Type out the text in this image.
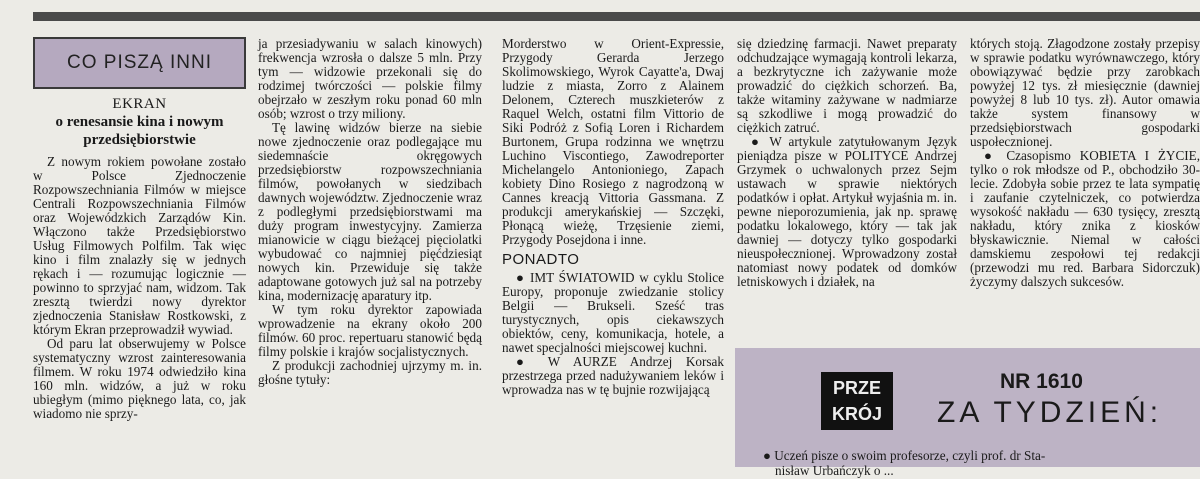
CO PISZĄ INNI
EKRAN
o renesansie kina i nowym przedsiębiorstwie

Z nowym rokiem powołane zostało w Polsce Zjednoczenie Rozpowszechniania Filmów w miejsce Centrali Rozpowszechniania Filmów oraz Wojewódzkich Zarządów Kin. Włączono także Przedsiębiorstwo Usług Filmowych Polfilm. Tak więc kino i film znalazły się w jednych rękach i — rozumując logicznie — powinno to sprzyjać nam, widzom. Tak zresztą twierdzi nowy dyrektor zjednoczenia Stanisław Rostkowski, z którym Ekran przeprowadził wywiad.

Od paru lat obserwujemy w Polsce systematyczny wzrost zainteresowania filmem. W roku 1974 odwiedziło kina 160 mln. widzów, a już w roku ubiegłym (mimo pięknego lata, co, jak wiadomo nie sprzy-

ja przesiadywaniu w salach kinowych) frekwencja wzrosła o dalsze 5 mln. Przy tym — widzowie przekonali się do rodzimej twórczości — polskie filmy obejrzało w zeszłym roku ponad 60 mln osób; wzrost o trzy miliony.

Tę lawinę widzów bierze na siebie nowe zjednoczenie oraz podlegające mu siedemnaście okręgowych przedsiębiorstw rozpowszechniania filmów, powołanych w siedzibach dawnych województw. Zjednoczenie wraz z podległymi przedsiębiorstwami ma duży program inwestycyjny. Zamierza mianowicie w ciągu bieżącej pięciolatki wybudować co najmniej pięćdziesiąt nowych kin. Przewiduje się także adaptowane gotowych już sal na potrzeby kina, modernizację aparatury itp.

W tym roku dyrektor zapowiada wprowadzenie na ekrany około 200 filmów. 60 proc. repertuaru stanowić będą filmy polskie i krajów socjalistycznych.

Z produkcji zachodniej ujrzymy m. in. głośne tytuły:

Morderstwo w Orient-Expressie, Przygody Gerarda Jerzego Skolimowskiego, Wyrok Cayatte'a, Dwaj ludzie z miasta, Zorro z Alainem Delonem, Czterech muszkieterów z Raquel Welch, ostatni film Vittorio de Siki Podróż z Sofią Loren i Richardem Burtonem, Grupa rodzinna we wnętrzu Luchino Viscontiego, Zawodreporter Michelangelo Antonioniego, Zapach kobiety Dino Rosiego z nagrodzoną w Cannes kreacją Vittoria Gassmana. Z produkcji amerykańskiej — Szczęki, Płonącą wieżę, Trzęsienie ziemi, Przygody Posejdona i inne.

PONADTO

● IMT ŚWIATOWID w cyklu Stolice Europy, proponuje zwiedzanie stolicy Belgii — Brukseli. Sześć tras turystycznych, opis ciekawszych obiektów, ceny, komunikacja, hotele, a nawet specjalności miejscowej kuchni.

● W AURZE Andrzej Korsak przestrzega przed nadużywaniem leków i wprowadza nas w tę bujnie rozwijającą

się dziedzinę farmacji. Nawet preparaty odchudzające wymagają kontroli lekarza, a bezkrytyczne ich zażywanie może prowadzić do ciężkich schorzeń. Ba, także witaminy zażywane w nadmiarze są szkodliwe i mogą prowadzić do ciężkich zatruć.

● W artykule zatytułowanym Język pieniądza pisze w POLITYCE Andrzej Grzymek o uchwalonych przez Sejm ustawach w sprawie niektórych podatków i opłat. Artykuł wyjaśnia m. in. pewne nieporozumienia, jak np. sprawę podatku lokalowego, który — tak jak dawniej — dotyczy tylko gospodarki nieuspołecznionej. Wprowadzony został natomiast nowy podatek od domków letniskowych i działek, na

których stoją. Złagodzone zostały przepisy w sprawie podatku wyrównawczego, który obowiązywać będzie przy zarobkach powyżej 12 tys. zł miesięcznie (dawniej powyżej 8 lub 10 tys. zł). Autor omawia także system finansowy w przedsiębiorstwach gospodarki uspołecznionej.

● Czasopismo KOBIETA I ŻYCIE, tylko o rok młodsze od P., obchodziło 30-lecie. Zdobyła sobie przez te lata sympatię i zaufanie czytelniczek, co potwierdza wysokość nakładu — 630 tysięcy, zresztą nakładu, który znika z kiosków błyskawicznie. Niemal w całości damskiemu zespołowi tej redakcji (przewodzi mu red. Barbara Sidorczuk) życzymy dalszych sukcesów.

PRZE
KRÓJ
NR 1610
ZA TYDZIEŃ:
● Uczeń pisze o swoim profesorze, czyli prof. dr Sta-
nisław Urbańczyk o ...
